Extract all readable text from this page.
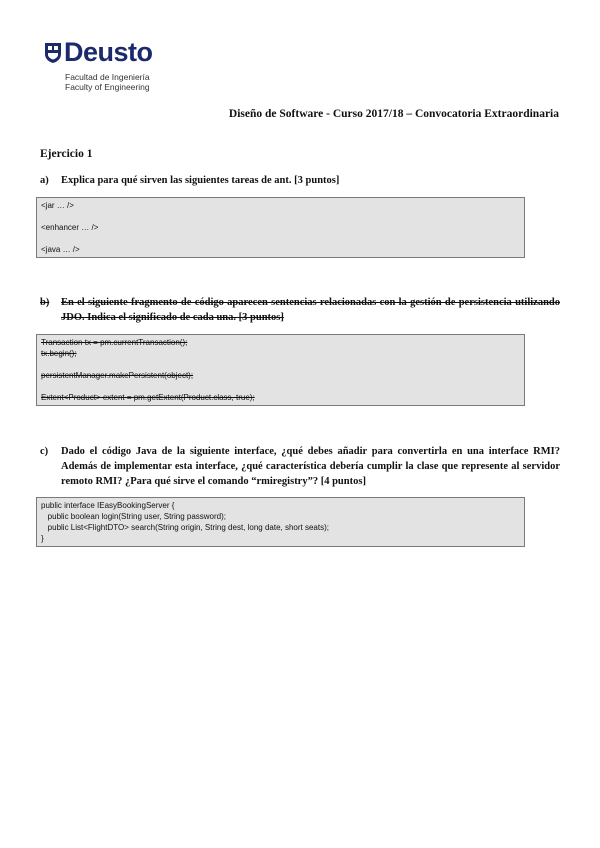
Deusto
Facultad de Ingeniería
Faculty of Engineering
Diseño de Software - Curso 2017/18 – Convocatoria Extraordinaria
Ejercicio 1
a) Explica para qué sirven las siguientes tareas de ant. [3 puntos]
<jar … />
<enhancer … />
<java … />
b) En el siguiente fragmento de código aparecen sentencias relacionadas con la gestión de persistencia utilizando JDO. Indica el significado de cada una. [3 puntos]
Transaction tx = pm.currentTransaction();
tx.begin();
persistentManager.makePersistent(object);
Extent<Product> extent = pm.getExtent(Product.class, true);
c) Dado el código Java de la siguiente interface, ¿qué debes añadir para convertirla en una interface RMI? Además de implementar esta interface, ¿qué característica debería cumplir la clase que represente al servidor remoto RMI? ¿Para qué sirve el comando “rmiregistry”? [4 puntos]
public interface IEasyBookingServer {
public boolean login(String user, String password);
public List<FlightDTO> search(String origin, String dest, long date, short seats);
}
